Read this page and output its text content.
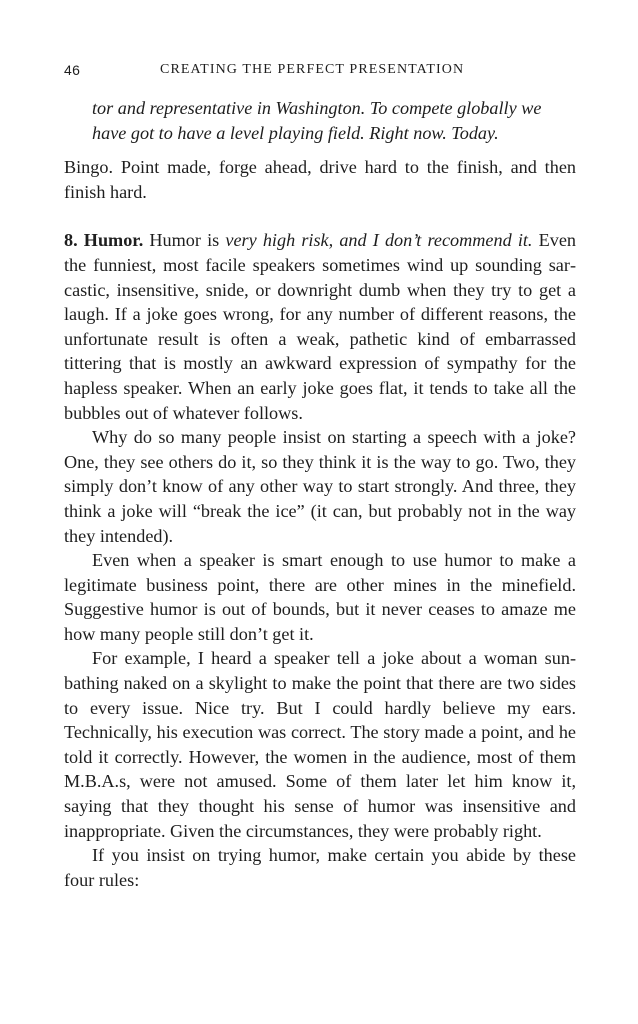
46	CREATING THE PERFECT PRESENTATION

tor and representative in Washington. To compete globally we
have got to have a level playing field. Right now. Today.

Bingo. Point made, forge ahead, drive hard to the finish, and then finish hard.

8. Humor. Humor is very high risk, and I don’t recommend it. Even the funniest, most facile speakers sometimes wind up sounding sarcastic, insensitive, snide, or downright dumb when they try to get a laugh. If a joke goes wrong, for any number of different reasons, the unfortunate result is often a weak, pathetic kind of embarrassed tittering that is mostly an awkward expression of sympathy for the hapless speaker. When an early joke goes flat, it tends to take all the bubbles out of whatever follows.

Why do so many people insist on starting a speech with a joke? One, they see others do it, so they think it is the way to go. Two, they simply don’t know of any other way to start strongly. And three, they think a joke will “break the ice” (it can, but probably not in the way they intended).

Even when a speaker is smart enough to use humor to make a legitimate business point, there are other mines in the minefield. Suggestive humor is out of bounds, but it never ceases to amaze me how many people still don’t get it.

For example, I heard a speaker tell a joke about a woman sunbathing naked on a skylight to make the point that there are two sides to every issue. Nice try. But I could hardly believe my ears. Technically, his execution was correct. The story made a point, and he told it correctly. However, the women in the audience, most of them M.B.A.s, were not amused. Some of them later let him know it, saying that they thought his sense of humor was insensitive and inappropriate. Given the circumstances, they were probably right.

If you insist on trying humor, make certain you abide by these four rules:
